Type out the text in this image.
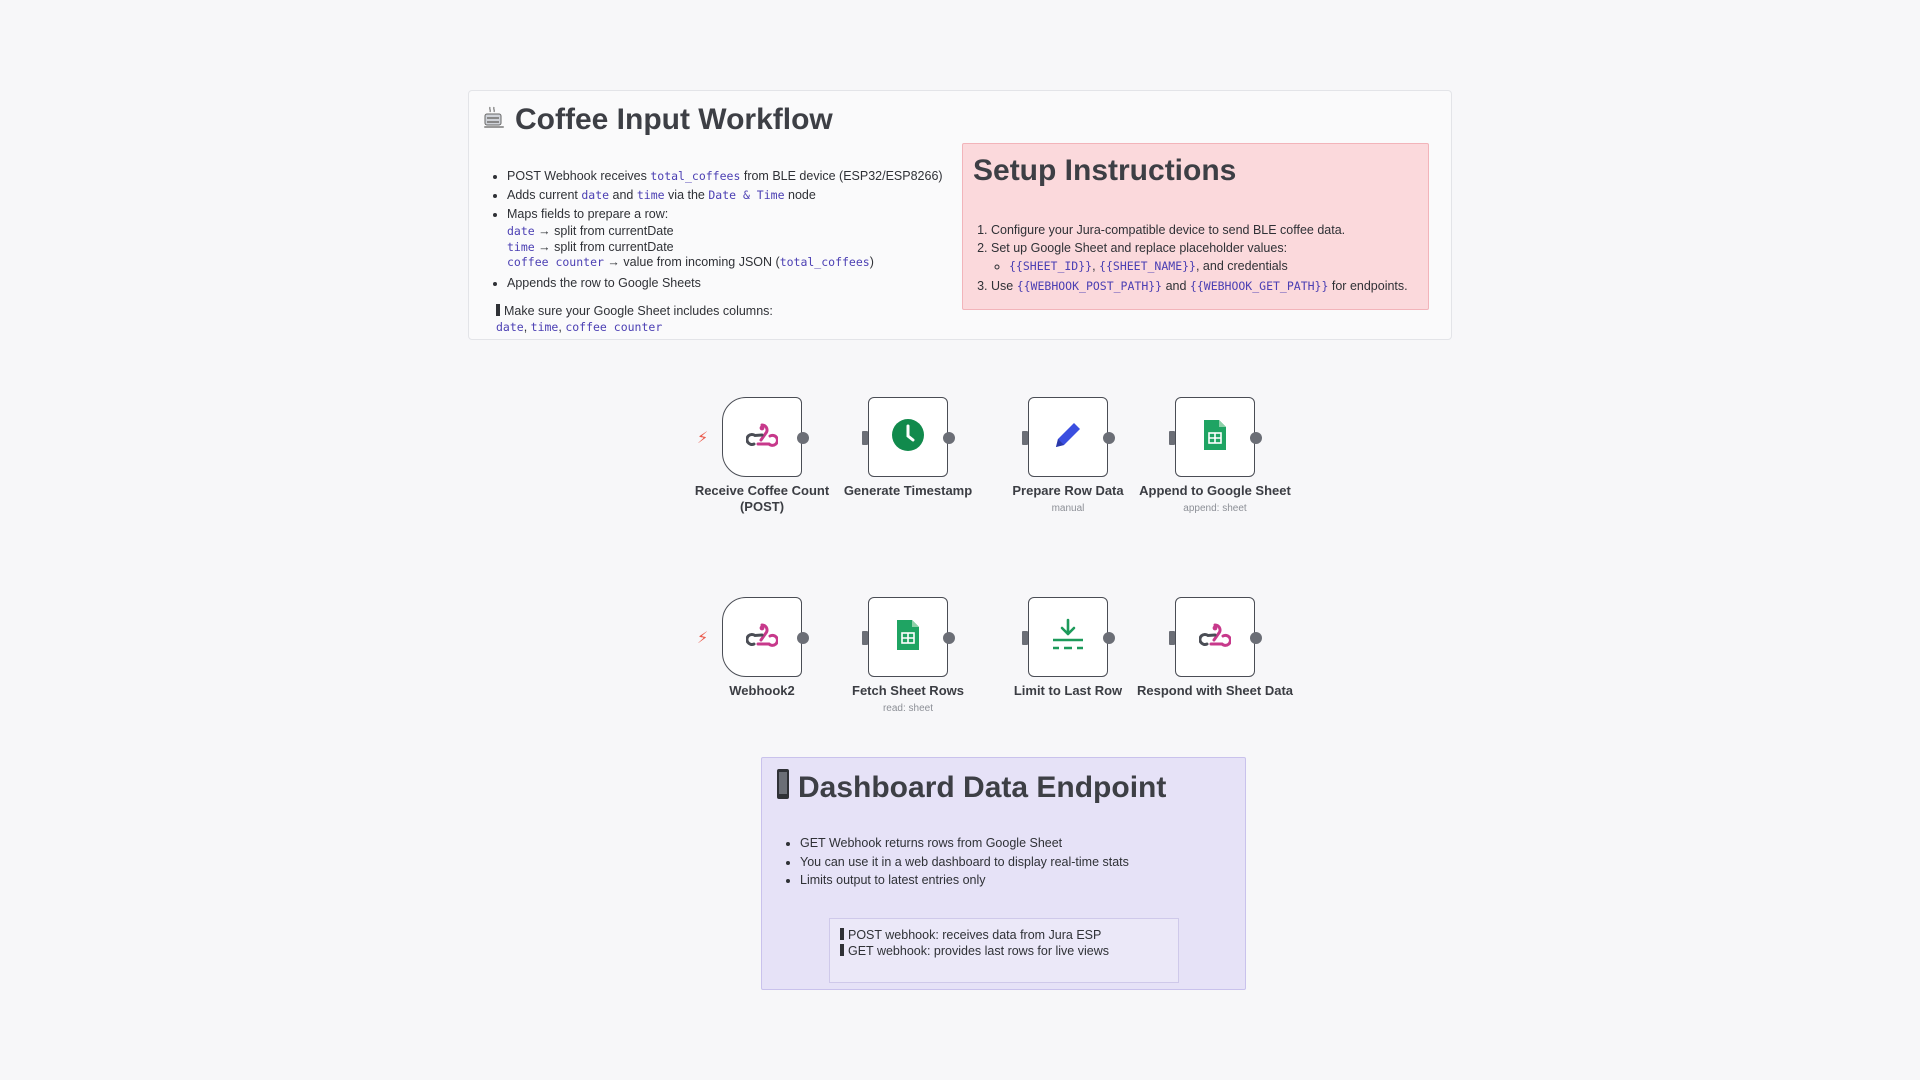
Coffee Input Workflow
• POST Webhook receives total_coffees from BLE device (ESP32/ESP8266)
• Adds current date and time via the Date & Time node
• Maps fields to prepare a row:
date → split from currentDate
time → split from currentDate
coffee counter → value from incoming JSON (total_coffees)
• Appends the row to Google Sheets
Make sure your Google Sheet includes columns:
date, time, coffee counter
Setup Instructions
1. Configure your Jura-compatible device to send BLE coffee data.
2. Set up Google Sheet and replace placeholder values:
◦ {{SHEET_ID}}, {{SHEET_NAME}}, and credentials
3. Use {{WEBHOOK_POST_PATH}} and {{WEBHOOK_GET_PATH}} for endpoints.
⚡
Receive Coffee Count (POST)
Generate Timestamp	Prepare Row Data
manual
Append to Google Sheet
append: sheet
⚡
Webhook2	Fetch Sheet Rows
read: sheet
Limit to Last Row	Respond with Sheet Data
Dashboard Data Endpoint
• GET Webhook returns rows from Google Sheet
• You can use it in a web dashboard to display real-time stats
• Limits output to latest entries only
POST webhook: receives data from Jura ESP
GET webhook: provides last rows for live views
